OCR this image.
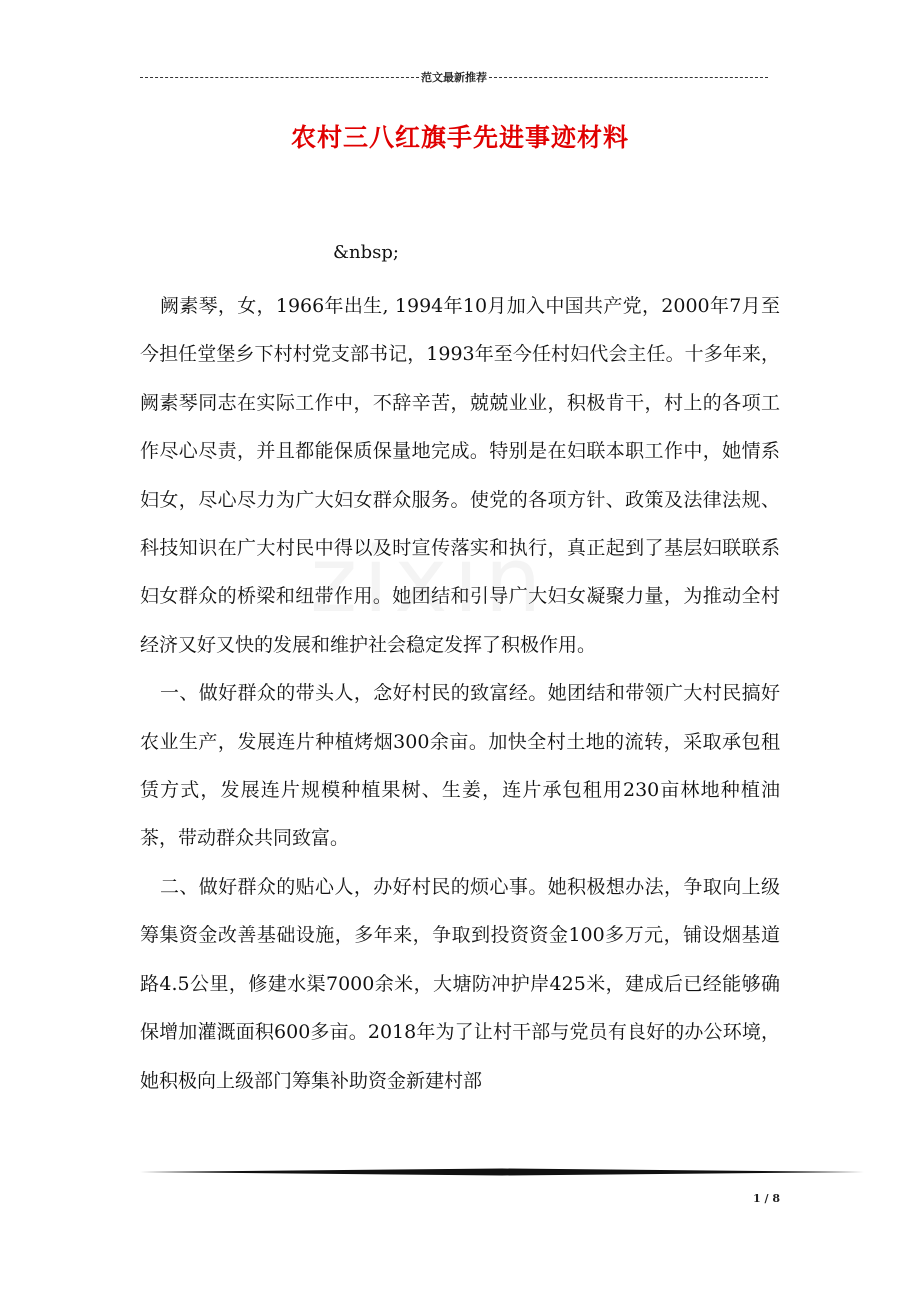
范文最新推荐
农村三八红旗手先进事迹材料
&nbsp;

阙素琴，女，1966年出生, 1994年10月加入中国共产党，2000年7月至今担任堂堡乡下村村党支部书记，1993年至今任村妇代会主任。十多年来，阙素琴同志在实际工作中，不辞辛苦，兢兢业业，积极肯干，村上的各项工作尽心尽责，并且都能保质保量地完成。特别是在妇联本职工作中，她情系妇女，尽心尽力为广大妇女群众服务。使党的各项方针、政策及法律法规、科技知识在广大村民中得以及时宣传落实和执行，真正起到了基层妇联联系妇女群众的桥梁和纽带作用。她团结和引导广大妇女凝聚力量，为推动全村经济又好又快的发展和维护社会稳定发挥了积极作用。

一、做好群众的带头人，念好村民的致富经。她团结和带领广大村民搞好农业生产，发展连片种植烤烟300余亩。加快全村土地的流转，采取承包租赁方式，发展连片规模种植果树、生姜，连片承包租用230亩林地种植油茶，带动群众共同致富。

二、做好群众的贴心人，办好村民的烦心事。她积极想办法，争取向上级筹集资金改善基础设施，多年来，争取到投资资金100多万元，铺设烟基道路4.5公里，修建水渠7000余米，大塘防冲护岸425米，建成后已经能够确保增加灌溉面积600多亩。2018年为了让村干部与党员有良好的办公环境，她积极向上级部门筹集补助资金新建村部

1 / 8
